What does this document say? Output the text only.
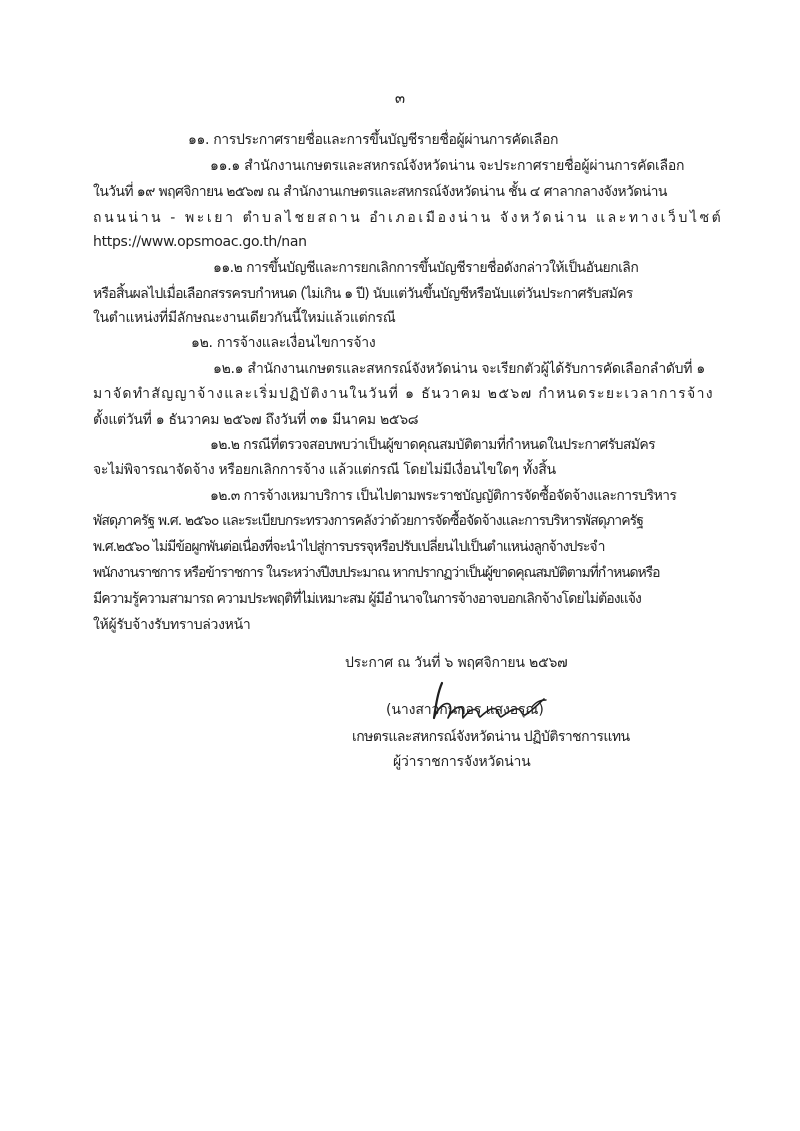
๓
๑๑. การประกาศรายชื่อและการขึ้นบัญชีรายชื่อผู้ผ่านการคัดเลือก
๑๑.๑ สำนักงานเกษตรและสหกรณ์จังหวัดน่าน จะประกาศรายชื่อผู้ผ่านการคัดเลือก
ในวันที่ ๑๙ พฤศจิกายน ๒๕๖๗ ณ สำนักงานเกษตรและสหกรณ์จังหวัดน่าน ชั้น ๔ ศาลากลางจังหวัดน่าน
ถนนน่าน - พะเยา ตำบลไชยสถาน อำเภอเมืองน่าน จังหวัดน่าน และทางเว็บไซต์
https://www.opsmoac.go.th/nan
๑๑.๒ การขึ้นบัญชีและการยกเลิกการขึ้นบัญชีรายชื่อดังกล่าวให้เป็นอันยกเลิก
หรือสิ้นผลไปเมื่อเลือกสรรครบกำหนด (ไม่เกิน ๑ ปี) นับแต่วันขึ้นบัญชีหรือนับแต่วันประกาศรับสมัคร
ในตำแหน่งที่มีลักษณะงานเดียวกันนี้ใหม่แล้วแต่กรณี
๑๒. การจ้างและเงื่อนไขการจ้าง
๑๒.๑ สำนักงานเกษตรและสหกรณ์จังหวัดน่าน จะเรียกตัวผู้ได้รับการคัดเลือกลำดับที่ ๑
มาจัดทำสัญญาจ้างและเริ่มปฏิบัติงานในวันที่ ๑ ธันวาคม ๒๕๖๗ กำหนดระยะเวลาการจ้าง
ตั้งแต่วันที่ ๑ ธันวาคม ๒๕๖๗ ถึงวันที่ ๓๑ มีนาคม ๒๕๖๘
๑๒.๒ กรณีที่ตรวจสอบพบว่าเป็นผู้ขาดคุณสมบัติตามที่กำหนดในประกาศรับสมัคร
จะไม่พิจารณาจัดจ้าง หรือยกเลิกการจ้าง แล้วแต่กรณี โดยไม่มีเงื่อนไขใดๆ ทั้งสิ้น
๑๒.๓ การจ้างเหมาบริการ เป็นไปตามพระราชบัญญัติการจัดซื้อจัดจ้างและการบริหาร
พัสดุภาครัฐ พ.ศ. ๒๕๖๐ และระเบียบกระทรวงการคลังว่าด้วยการจัดซื้อจัดจ้างและการบริหารพัสดุภาครัฐ
พ.ศ.๒๕๖๐ ไม่มีข้อผูกพันต่อเนื่องที่จะนำไปสู่การบรรจุหรือปรับเปลี่ยนไปเป็นตำแหน่งลูกจ้างประจำ
พนักงานราชการ หรือข้าราชการ ในระหว่างปีงบประมาณ หากปรากฏว่าเป็นผู้ขาดคุณสมบัติตามที่กำหนดหรือ
มีความรู้ความสามารถ ความประพฤติที่ไม่เหมาะสม ผู้มีอำนาจในการจ้างอาจบอกเลิกจ้างโดยไม่ต้องแจ้ง
ให้ผู้รับจ้างรับทราบล่วงหน้า
ประกาศ ณ วันที่ ๖ พฤศจิกายน ๒๕๖๗
(นางสาวกนกอร แสงอรุณ)
เกษตรและสหกรณ์จังหวัดน่าน ปฏิบัติราชการแทน
ผู้ว่าราชการจังหวัดน่าน
